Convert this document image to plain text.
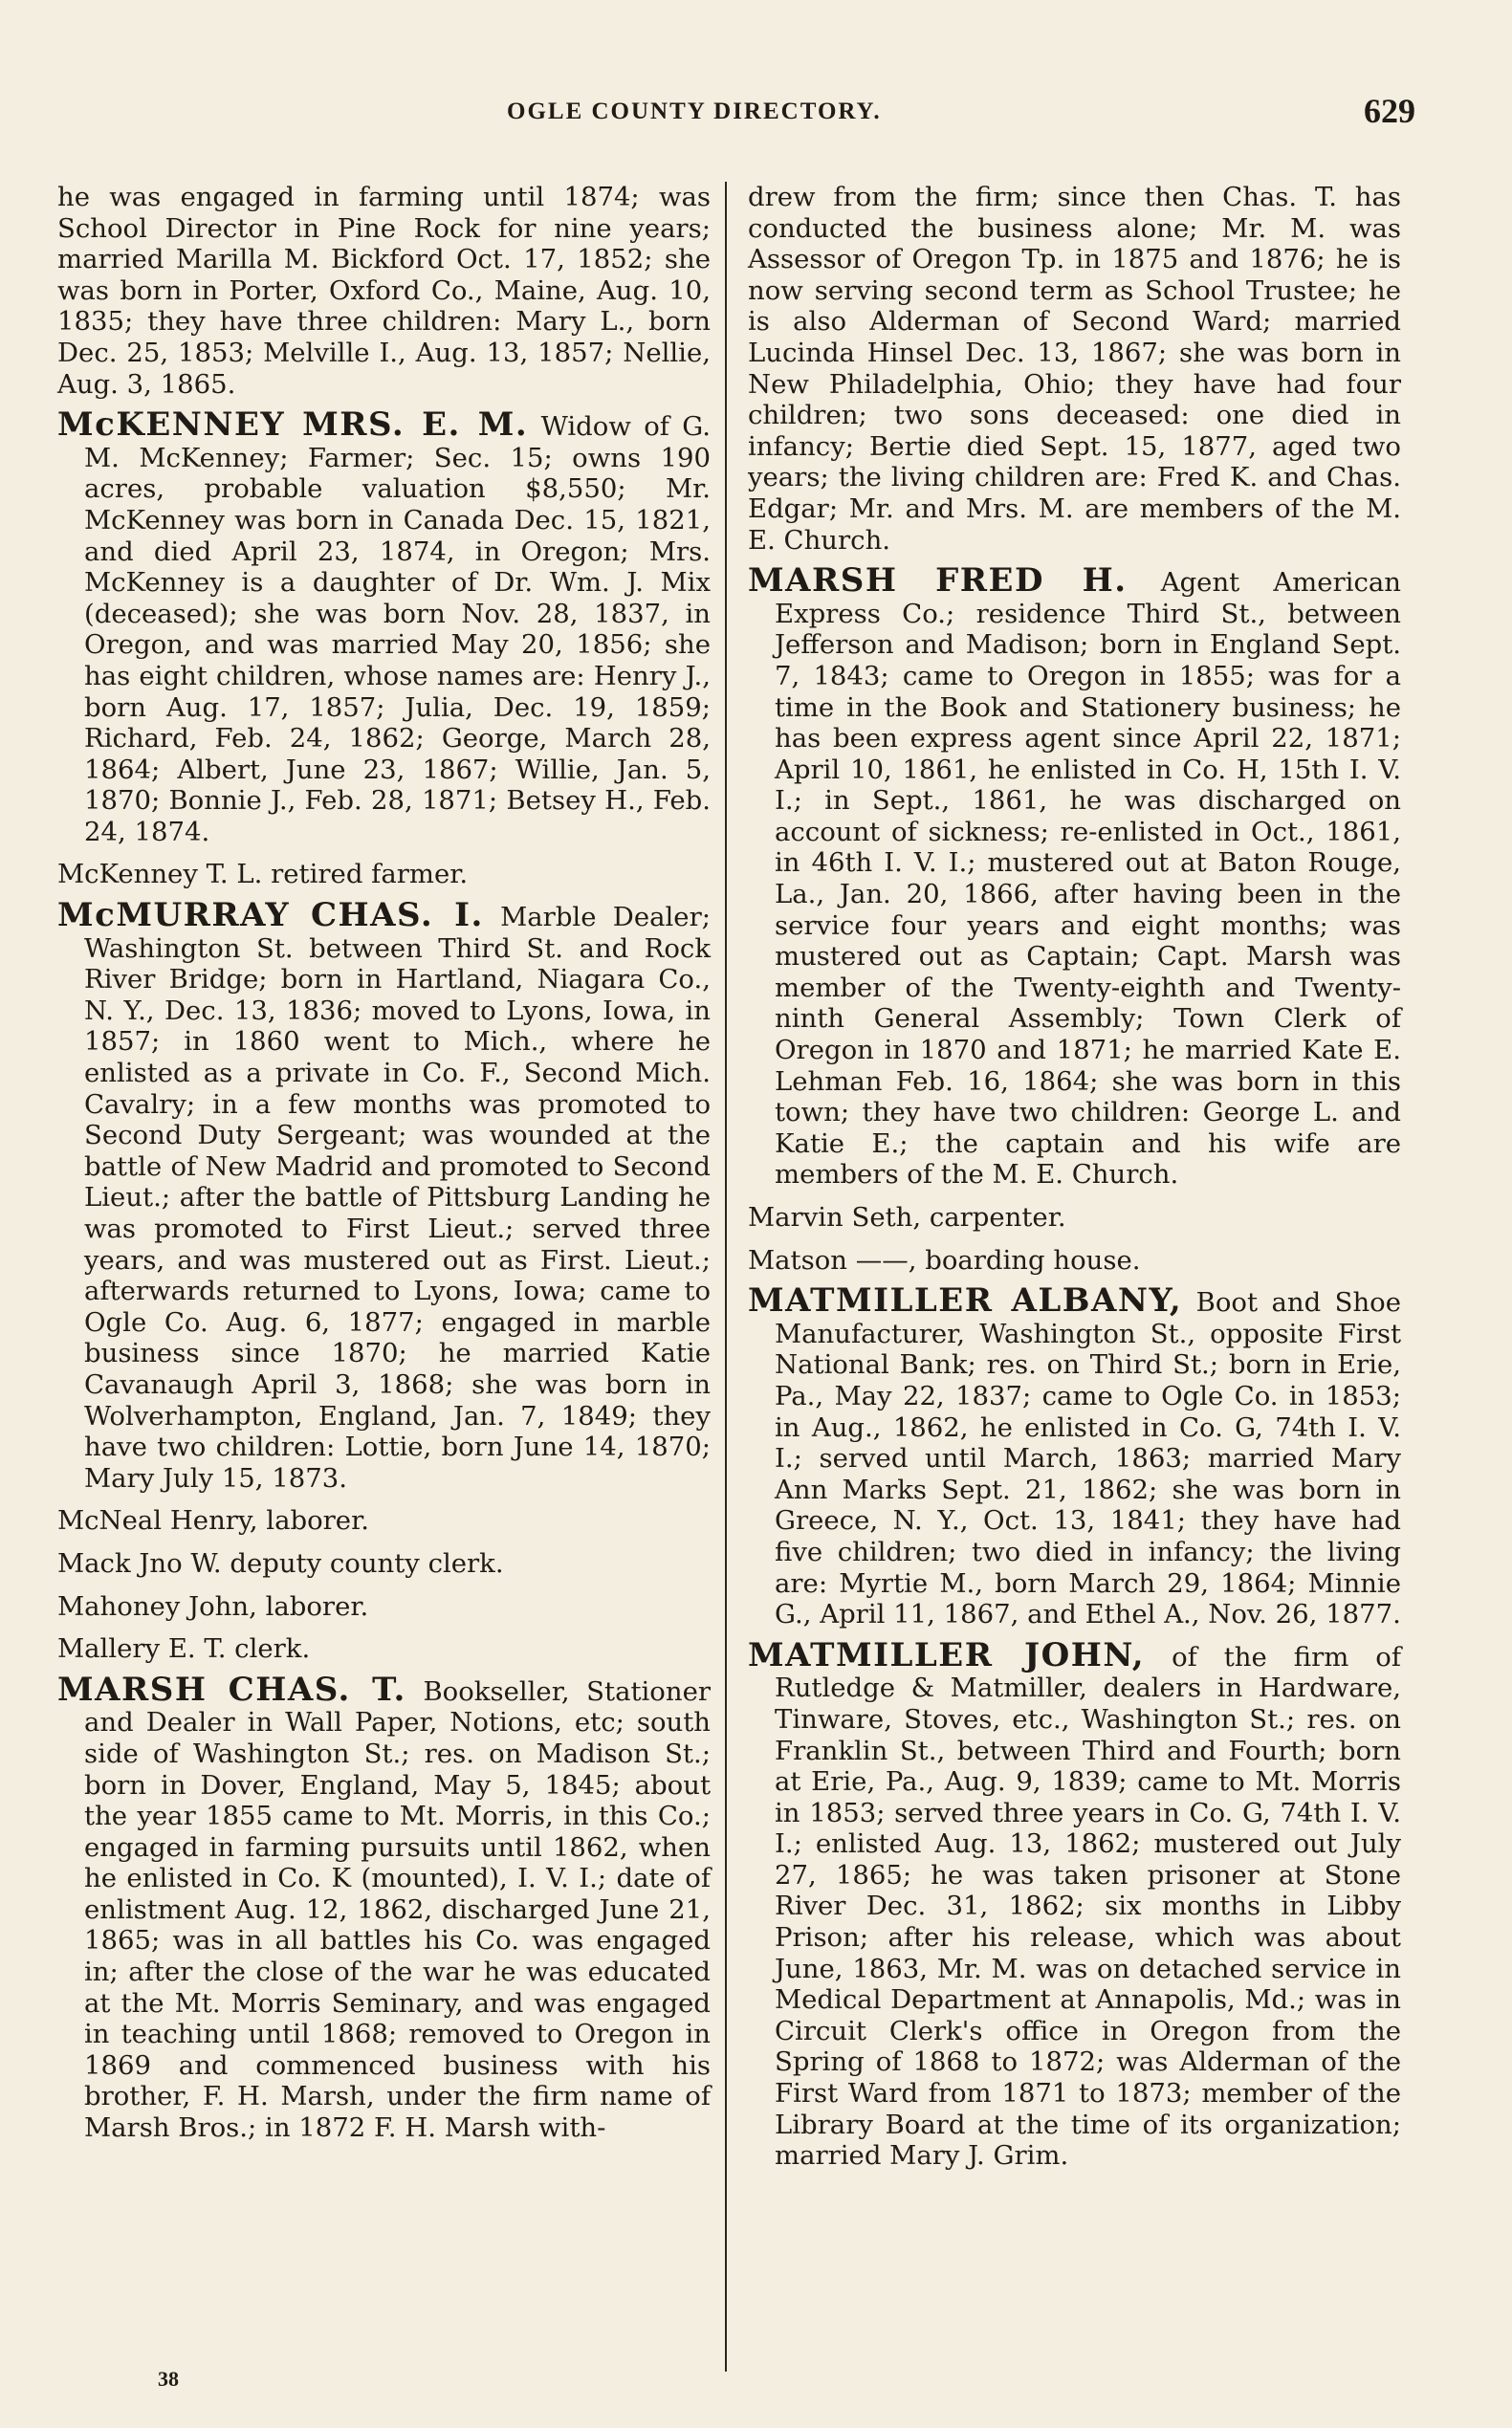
OGLE COUNTY DIRECTORY.	629

he was engaged in farming until 1874; was School Director in Pine Rock for nine years; married Marilla M. Bickford Oct. 17, 1852; she was born in Porter, Oxford Co., Maine, Aug. 10, 1835; they have three children: Mary L., born Dec. 25, 1853; Melville I., Aug. 13, 1857; Nellie, Aug. 3, 1865.

McKENNEY MRS. E. M. Widow of G. M. McKenney; Farmer; Sec. 15; owns 190 acres, probable valuation $8,550; Mr. McKenney was born in Canada Dec. 15, 1821, and died April 23, 1874, in Oregon; Mrs. McKenney is a daughter of Dr. Wm. J. Mix (deceased); she was born Nov. 28, 1837, in Oregon, and was married May 20, 1856; she has eight children, whose names are: Henry J., born Aug. 17, 1857; Julia, Dec. 19, 1859; Richard, Feb. 24, 1862; George, March 28, 1864; Albert, June 23, 1867; Willie, Jan. 5, 1870; Bonnie J., Feb. 28, 1871; Betsey H., Feb. 24, 1874.

McKenney T. L. retired farmer.

McMURRAY CHAS. I. Marble Dealer; Washington St. between Third St. and Rock River Bridge; born in Hartland, Niagara Co., N. Y., Dec. 13, 1836; moved to Lyons, Iowa, in 1857; in 1860 went to Mich., where he enlisted as a private in Co. F., Second Mich. Cavalry; in a few months was promoted to Second Duty Sergeant; was wounded at the battle of New Madrid and promoted to Second Lieut.; after the battle of Pittsburg Landing he was promoted to First Lieut.; served three years, and was mustered out as First. Lieut.; afterwards returned to Lyons, Iowa; came to Ogle Co. Aug. 6, 1877; engaged in marble business since 1870; he married Katie Cavanaugh April 3, 1868; she was born in Wolverhampton, England, Jan. 7, 1849; they have two children: Lottie, born June 14, 1870; Mary July 15, 1873.

McNeal Henry, laborer.

Mack Jno W. deputy county clerk.

Mahoney John, laborer.

Mallery E. T. clerk.

MARSH CHAS. T. Bookseller, Stationer and Dealer in Wall Paper, Notions, etc; south side of Washington St.; res. on Madison St.; born in Dover, England, May 5, 1845; about the year 1855 came to Mt. Morris, in this Co.; engaged in farming pursuits until 1862, when he enlisted in Co. K (mounted), I. V. I.; date of enlistment Aug. 12, 1862, discharged June 21, 1865; was in all battles his Co. was engaged in; after the close of the war he was educated at the Mt. Morris Seminary, and was engaged in teaching until 1868; removed to Oregon in 1869 and commenced business with his brother, F. H. Marsh, under the firm name of Marsh Bros.; in 1872 F. H. Marsh with-

drew from the firm; since then Chas. T. has conducted the business alone; Mr. M. was Assessor of Oregon Tp. in 1875 and 1876; he is now serving second term as School Trustee; he is also Alderman of Second Ward; married Lucinda Hinsel Dec. 13, 1867; she was born in New Philadelphia, Ohio; they have had four children; two sons deceased: one died in infancy; Bertie died Sept. 15, 1877, aged two years; the living children are: Fred K. and Chas. Edgar; Mr. and Mrs. M. are members of the M. E. Church.

MARSH FRED H. Agent American Express Co.; residence Third St., between Jefferson and Madison; born in England Sept. 7, 1843; came to Oregon in 1855; was for a time in the Book and Stationery business; he has been express agent since April 22, 1871; April 10, 1861, he enlisted in Co. H, 15th I. V. I.; in Sept., 1861, he was discharged on account of sickness; re-enlisted in Oct., 1861, in 46th I. V. I.; mustered out at Baton Rouge, La., Jan. 20, 1866, after having been in the service four years and eight months; was mustered out as Captain; Capt. Marsh was member of the Twenty-eighth and Twenty-ninth General Assembly; Town Clerk of Oregon in 1870 and 1871; he married Kate E. Lehman Feb. 16, 1864; she was born in this town; they have two children: George L. and Katie E.; the captain and his wife are members of the M. E. Church.

Marvin Seth, carpenter.

Matson ——, boarding house.

MATMILLER ALBANY, Boot and Shoe Manufacturer, Washington St., opposite First National Bank; res. on Third St.; born in Erie, Pa., May 22, 1837; came to Ogle Co. in 1853; in Aug., 1862, he enlisted in Co. G, 74th I. V. I.; served until March, 1863; married Mary Ann Marks Sept. 21, 1862; she was born in Greece, N. Y., Oct. 13, 1841; they have had five children; two died in infancy; the living are: Myrtie M., born March 29, 1864; Minnie G., April 11, 1867, and Ethel A., Nov. 26, 1877.

MATMILLER JOHN, of the firm of Rutledge & Matmiller, dealers in Hardware, Tinware, Stoves, etc., Washington St.; res. on Franklin St., between Third and Fourth; born at Erie, Pa., Aug. 9, 1839; came to Mt. Morris in 1853; served three years in Co. G, 74th I. V. I.; enlisted Aug. 13, 1862; mustered out July 27, 1865; he was taken prisoner at Stone River Dec. 31, 1862; six months in Libby Prison; after his release, which was about June, 1863, Mr. M. was on detached service in Medical Department at Annapolis, Md.; was in Circuit Clerk's office in Oregon from the Spring of 1868 to 1872; was Alderman of the First Ward from 1871 to 1873; member of the Library Board at the time of its organization; married Mary J. Grim.

38
